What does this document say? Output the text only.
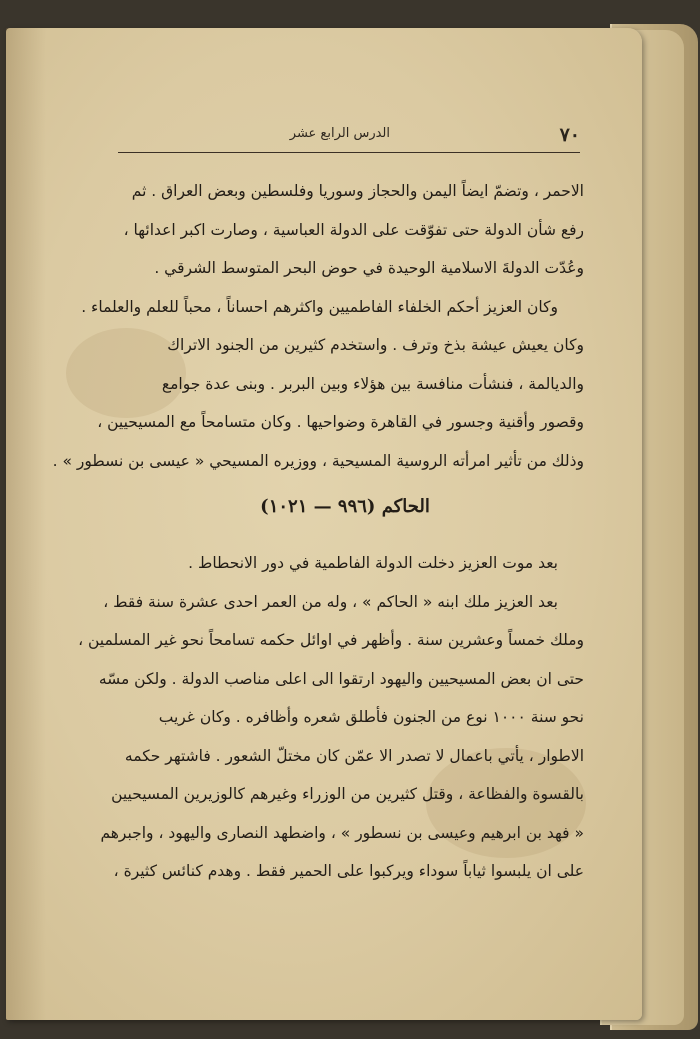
٧٠
الدرس الرابع عشر
الاحمر ، وتضمّ ايضاً اليمن والحجاز وسوريا وفلسطين وبعض العراق . ثم
رفع شأن الدولة حتى تفوّقت على الدولة العباسية ، وصارت اكبر اعدائها ،
وعُدّت الدولةَ الاسلامية الوحيدة في حوض البحر المتوسط الشرقي .
وكان العزيز أحكم الخلفاء الفاطميين واكثرهم احساناً ، محباً للعلم والعلماء .
وكان يعيش عيشة بذخ وترف . واستخدم كثيرين من الجنود الاتراك
والديالمة ، فنشأت منافسة بين هؤلاء وبين البربر . وبنى عدة جوامع
وقصور وأقنية وجسور في القاهرة وضواحيها . وكان متسامحاً مع المسيحيين ،
وذلك من تأثير امرأته الروسية المسيحية ، ووزيره المسيحي « عيسى بن نسطور » .
الحاكم (٩٩٦ — ١٠٢١)
بعد موت العزيز دخلت الدولة الفاطمية في دور الانحطاط .
بعد العزيز ملك ابنه « الحاكم » ، وله من العمر احدى عشرة سنة فقط ،
وملك خمساً وعشرين سنة . وأظهر في اوائل حكمه تسامحاً نحو غير المسلمين ،
حتى ان بعض المسيحيين واليهود ارتقوا الى اعلى مناصب الدولة . ولكن مسّه
نحو سنة ١٠٠٠ نوع من الجنون فأطلق شعره وأظافره . وكان غريب
الاطوار ، يأتي باعمال لا تصدر الا عمّن كان مختلّ الشعور . فاشتهر حكمه
بالقسوة والفظاعة ، وقتل كثيرين من الوزراء وغيرهم كالوزيرين المسيحيين
« فهد بن ابرهيم وعيسى بن نسطور » ، واضطهد النصارى واليهود ، واجبرهم
على ان يلبسوا ثياباً سوداء ويركبوا على الحمير فقط . وهدم كنائس كثيرة ،
